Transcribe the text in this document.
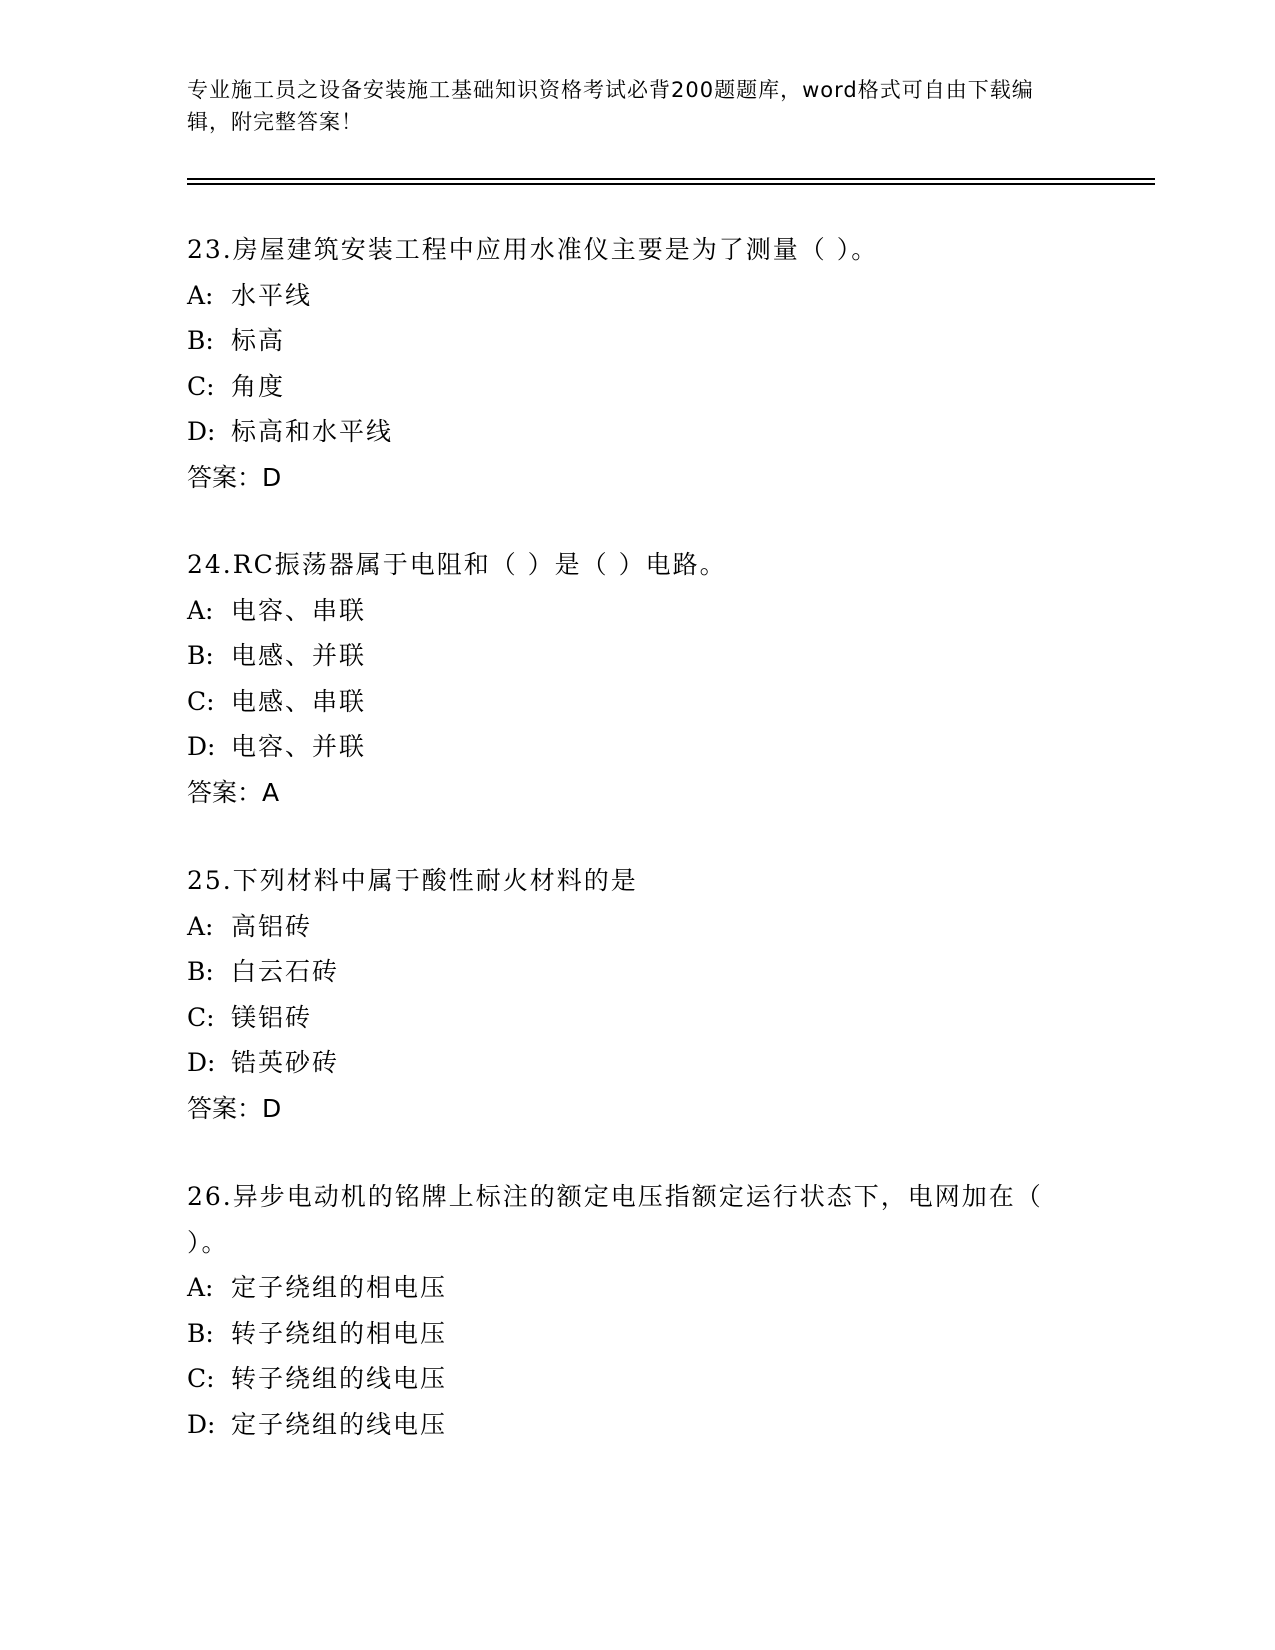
专业施工员之设备安装施工基础知识资格考试必背200题题库，word格式可自由下载编辑，附完整答案！
23.房屋建筑安装工程中应用水准仪主要是为了测量（ ）。
A: 水平线
B: 标高
C: 角度
D: 标高和水平线
答案：D
24.RC振荡器属于电阻和（ ）是（ ）电路。
A: 电容、串联
B: 电感、并联
C: 电感、串联
D: 电容、并联
答案：A
25.下列材料中属于酸性耐火材料的是
A: 高铝砖
B: 白云石砖
C: 镁铝砖
D: 锆英砂砖
答案：D
26.异步电动机的铭牌上标注的额定电压指额定运行状态下，电网加在（ ）。
A: 定子绕组的相电压
B: 转子绕组的相电压
C: 转子绕组的线电压
D: 定子绕组的线电压
